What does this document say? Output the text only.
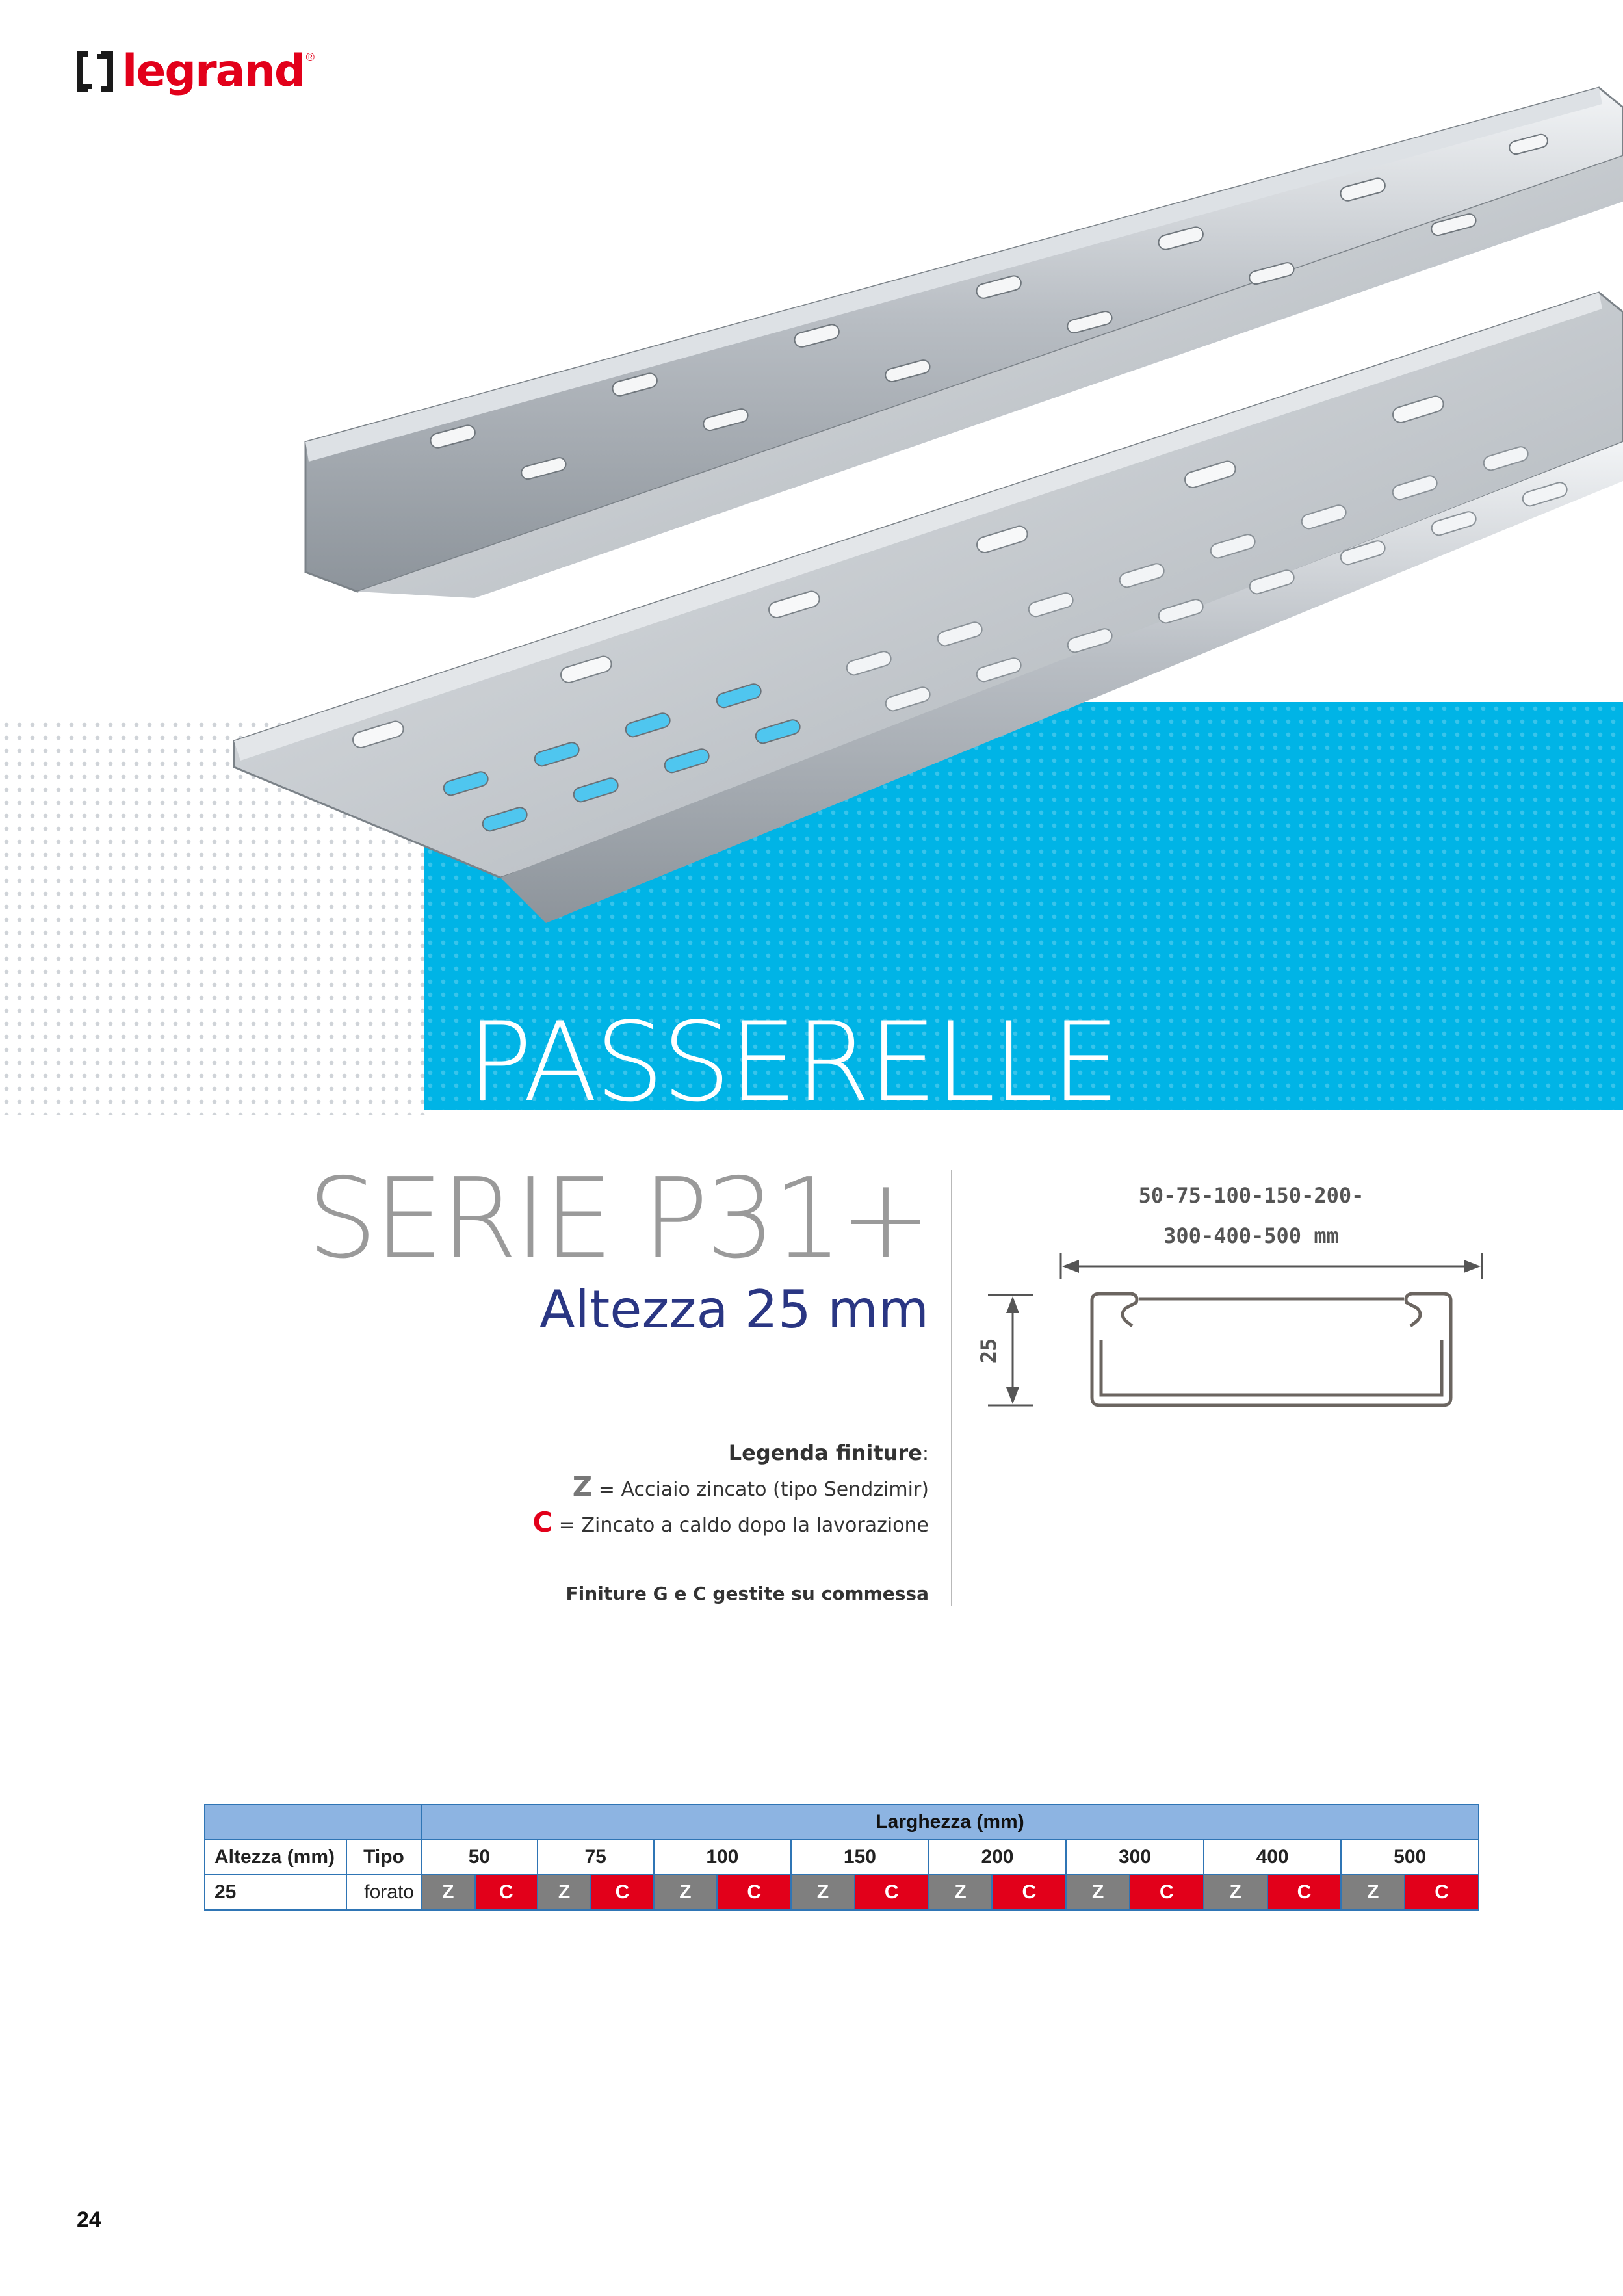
legrand ®
PASSERELLE
SERIE P31+
Altezza 25 mm
Legenda finiture:
Z = Acciaio zincato (tipo Sendzimir)
C = Zincato a caldo dopo la lavorazione
Finiture G e C gestite su commessa
50-75-100-150-200-
300-400-500 mm
25
		Larghezza (mm)															
Altezza (mm)	Tipo	50		75		100		150		200		300		400		500	
25	forato	Z	C	Z	C	Z	C	Z	C	Z	C	Z	C	Z	C	Z	C
24
